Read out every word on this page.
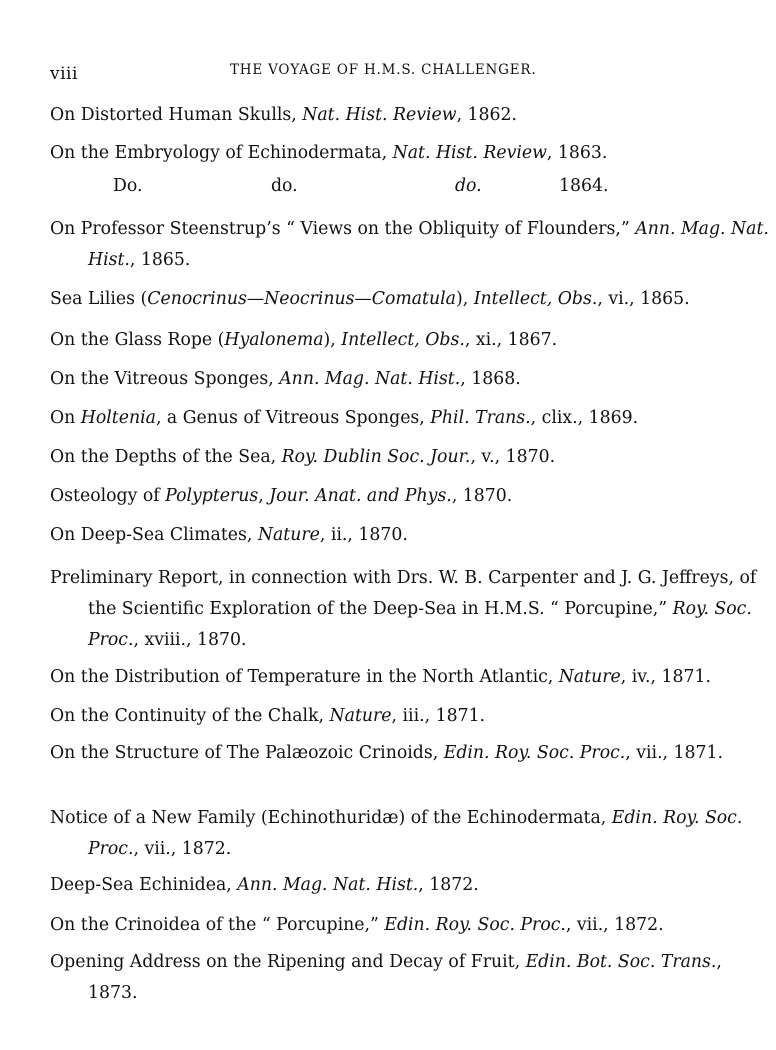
viii	THE VOYAGE OF H.M.S. CHALLENGER.
On Distorted Human Skulls, Nat. Hist. Review, 1862.
On the Embryology of Echinodermata, Nat. Hist. Review, 1863.
Do.	do.	do.	1864.
On Professor Steenstrup’s “ Views on the Obliquity of Flounders,” Ann. Mag. Nat. Hist., 1865.
Sea Lilies (Cenocrinus—Neocrinus—Comatula), Intellect, Obs., vi., 1865.
On the Glass Rope (Hyalonema), Intellect, Obs., xi., 1867.
On the Vitreous Sponges, Ann. Mag. Nat. Hist., 1868.
On Holtenia, a Genus of Vitreous Sponges, Phil. Trans., clix., 1869.
On the Depths of the Sea, Roy. Dublin Soc. Jour., v., 1870.
Osteology of Polypterus, Jour. Anat. and Phys., 1870.
On Deep-Sea Climates, Nature, ii., 1870.
Preliminary Report, in connection with Drs. W. B. Carpenter and J. G. Jeffreys, of the Scientific Exploration of the Deep-Sea in H.M.S. “ Porcupine,” Roy. Soc. Proc., xviii., 1870.
On the Distribution of Temperature in the North Atlantic, Nature, iv., 1871.
On the Continuity of the Chalk, Nature, iii., 1871.
On the Structure of The Palæozoic Crinoids, Edin. Roy. Soc. Proc., vii., 1871.
Notice of a New Family (Echinothuridæ) of the Echinodermata, Edin. Roy. Soc. Proc., vii., 1872.
Deep-Sea Echinidea, Ann. Mag. Nat. Hist., 1872.
On the Crinoidea of the “ Porcupine,” Edin. Roy. Soc. Proc., vii., 1872.
Opening Address on the Ripening and Decay of Fruit, Edin. Bot. Soc. Trans., 1873.
